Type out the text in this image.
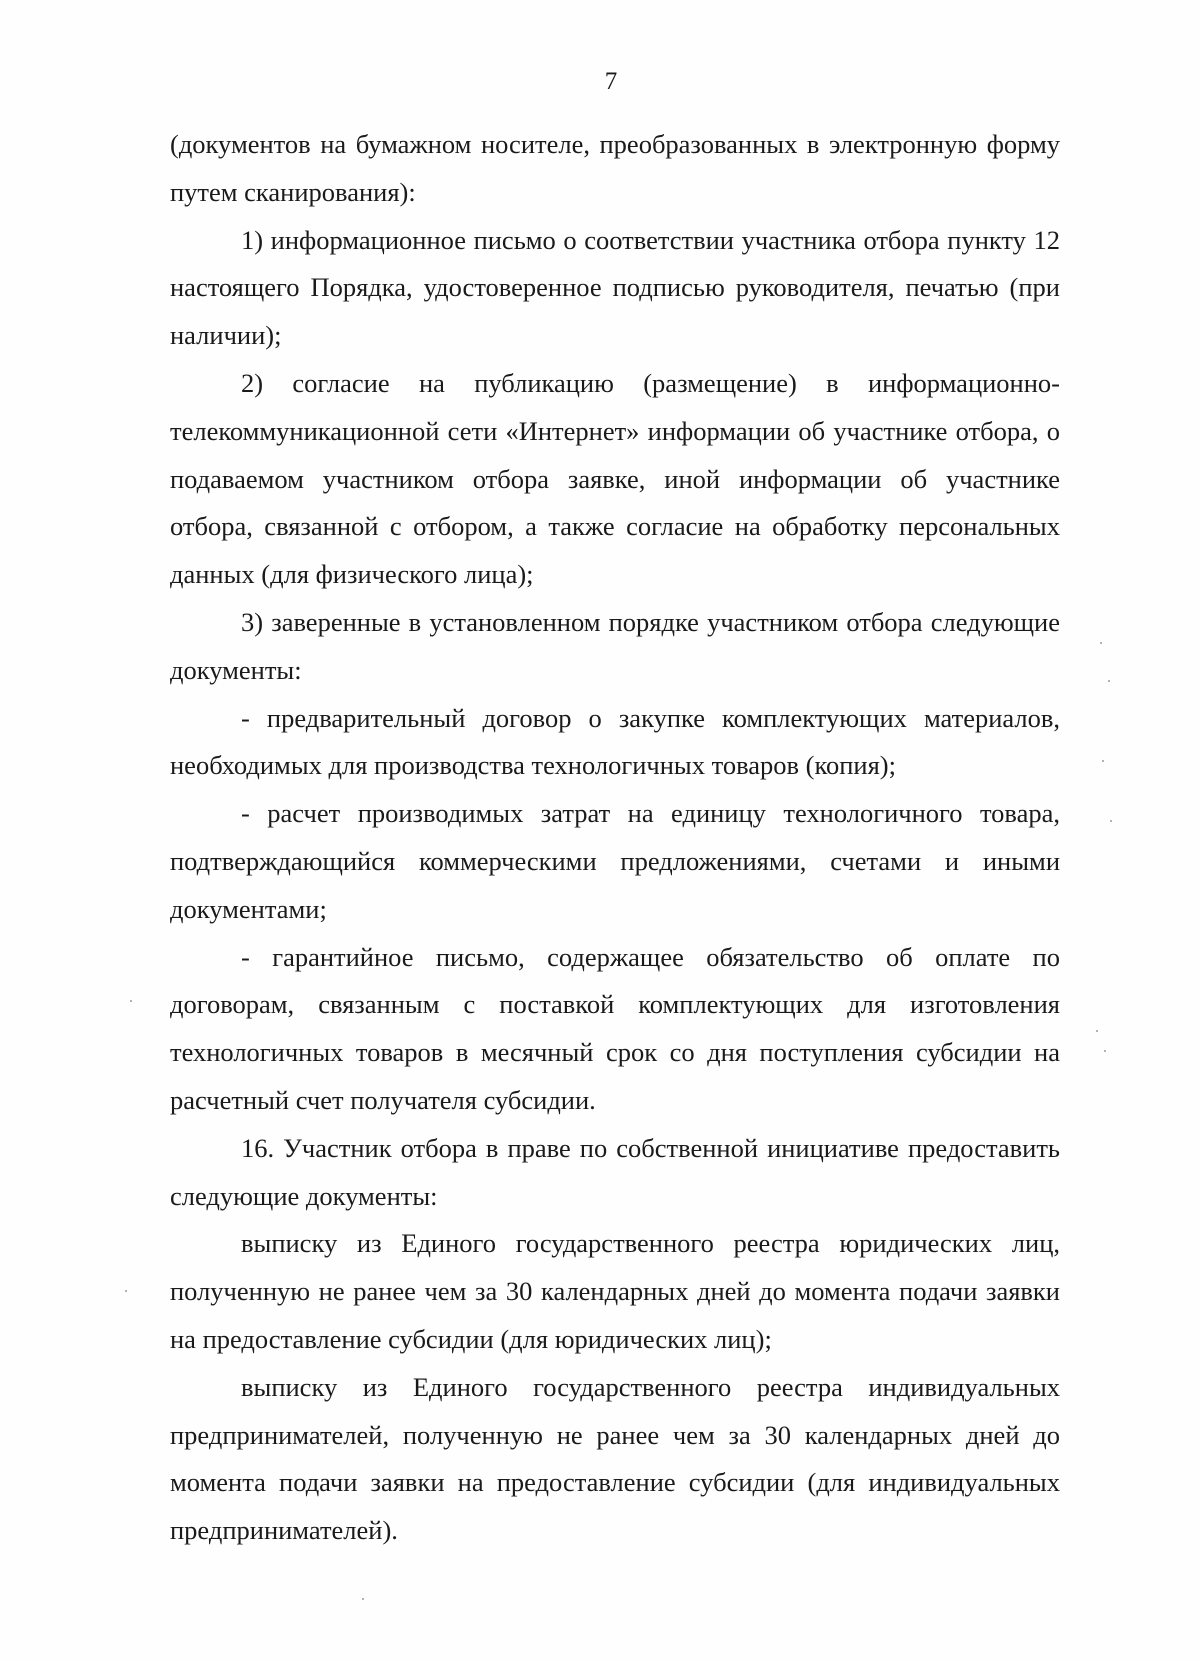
7

(документов на бумажном носителе, преобразованных в электронную форму путем сканирования):

1) информационное письмо о соответствии участника отбора пункту 12 настоящего Порядка, удостоверенное подписью руководителя, печатью (при наличии);

2) согласие на публикацию (размещение) в информационно-телекоммуникационной сети «Интернет» информации об участнике отбора, о подаваемом участником отбора заявке, иной информации об участнике отбора, связанной с отбором, а также согласие на обработку персональных данных (для физического лица);

3) заверенные в установленном порядке участником отбора следующие документы:

- предварительный договор о закупке комплектующих материалов, необходимых для производства технологичных товаров (копия);

- расчет производимых затрат на единицу технологичного товара, подтверждающийся коммерческими предложениями, счетами и иными документами;

- гарантийное письмо, содержащее обязательство об оплате по договорам, связанным с поставкой комплектующих для изготовления технологичных товаров в месячный срок со дня поступления субсидии на расчетный счет получателя субсидии.

16. Участник отбора в праве по собственной инициативе предоставить следующие документы:

выписку из Единого государственного реестра юридических лиц, полученную не ранее чем за 30 календарных дней до момента подачи заявки на предоставление субсидии (для юридических лиц);

выписку из Единого государственного реестра индивидуальных предпринимателей, полученную не ранее чем за 30 календарных дней до момента подачи заявки на предоставление субсидии (для индивидуальных предпринимателей).
